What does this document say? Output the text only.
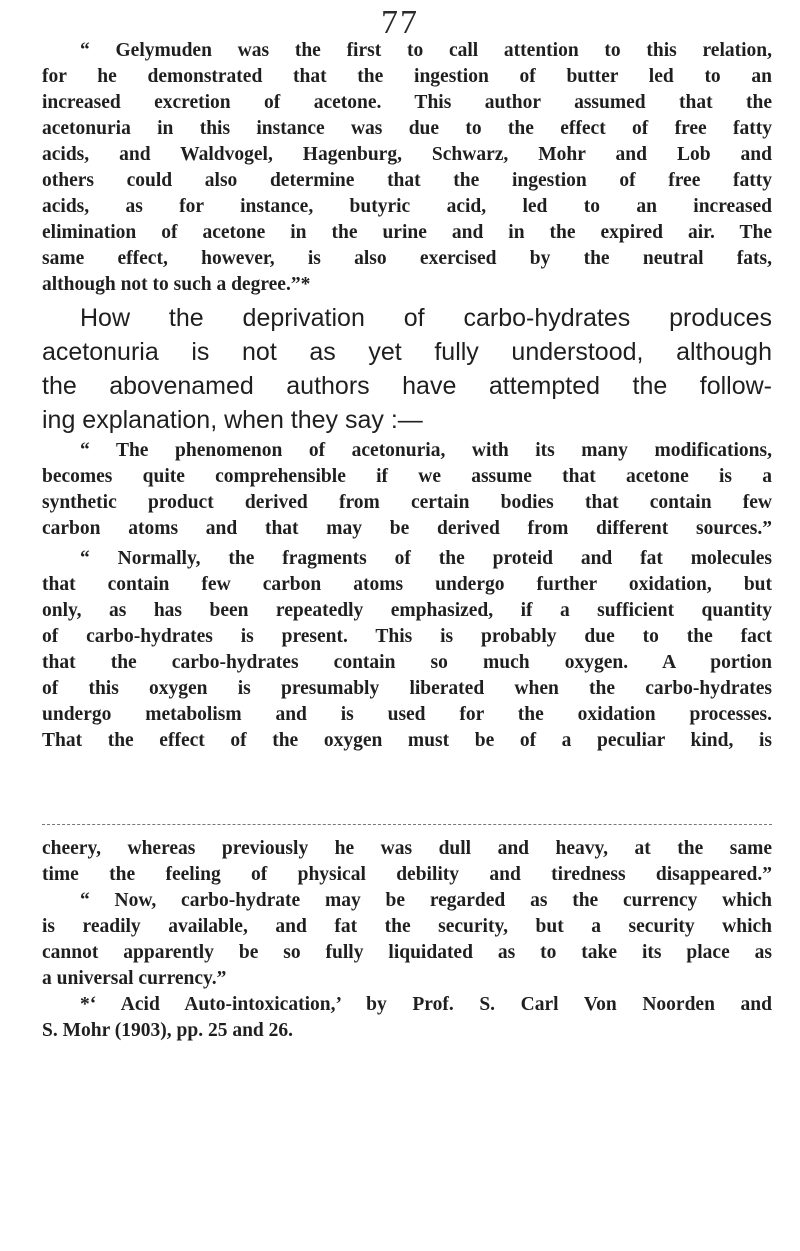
77
“ Gelymuden was the first to call attention to this relation,
for he demonstrated that the ingestion of butter led to an
increased excretion of acetone. This author assumed that the
acetonuria in this instance was due to the effect of free fatty
acids, and Waldvogel, Hagenburg, Schwarz, Mohr and Lob and
others could also determine that the ingestion of free fatty
acids, as for instance, butyric acid, led to an increased
elimination of acetone in the urine and in the expired air. The
same effect, however, is also exercised by the neutral fats,
although not to such a degree.”*
How the deprivation of carbo-hydrates produces
acetonuria is not as yet fully understood, although
the abovenamed authors have attempted the follow-
ing explanation, when they say :—
“ The phenomenon of acetonuria, with its many modifications,
becomes quite comprehensible if we assume that acetone is a
synthetic product derived from certain bodies that contain few
carbon atoms and that may be derived from different sources.”
“ Normally, the fragments of the proteid and fat molecules
that contain few carbon atoms undergo further oxidation, but
only, as has been repeatedly emphasized, if a sufficient quantity
of carbo-hydrates is present. This is probably due to the fact
that the carbo-hydrates contain so much oxygen. A portion
of this oxygen is presumably liberated when the carbo-hydrates
undergo metabolism and is used for the oxidation processes.
That the effect of the oxygen must be of a peculiar kind, is
cheery, whereas previously he was dull and heavy, at the same
time the feeling of physical debility and tiredness disappeared.”
“ Now, carbo-hydrate may be regarded as the currency which
is readily available, and fat the security, but a security which
cannot apparently be so fully liquidated as to take its place as
a universal currency.”
*‘ Acid Auto-intoxication,’ by Prof. S. Carl Von Noorden and
S. Mohr (1903), pp. 25 and 26.
